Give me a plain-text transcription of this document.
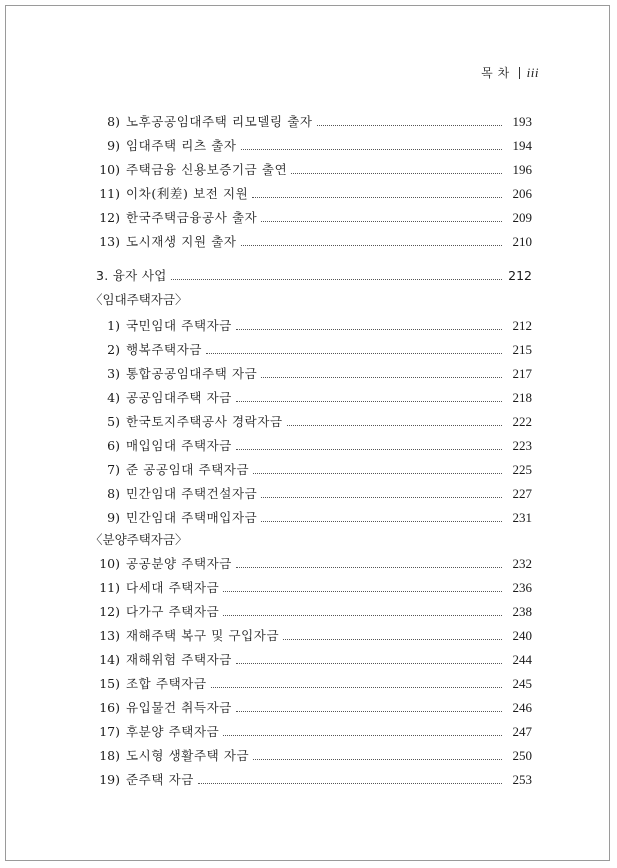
목 차 iii
8) 노후공공임대주택 리모델링 출자	193
9) 임대주택 리츠 출자	194
10) 주택금융 신용보증기금 출연	196
11) 이차(利差) 보전 지원	206
12) 한국주택금융공사 출자	209
13) 도시재생 지원 출자	210
3. 융자 사업	212
〈임대주택자금〉
1) 국민임대 주택자금	212
2) 행복주택자금	215
3) 통합공공임대주택 자금	217
4) 공공임대주택 자금	218
5) 한국토지주택공사 경락자금	222
6) 매입임대 주택자금	223
7) 준 공공임대 주택자금	225
8) 민간임대 주택건설자금	227
9) 민간임대 주택매입자금	231
〈분양주택자금〉
10) 공공분양 주택자금	232
11) 다세대 주택자금	236
12) 다가구 주택자금	238
13) 재해주택 복구 및 구입자금	240
14) 재해위험 주택자금	244
15) 조합 주택자금	245
16) 유입물건 취득자금	246
17) 후분양 주택자금	247
18) 도시형 생활주택 자금	250
19) 준주택 자금	253
